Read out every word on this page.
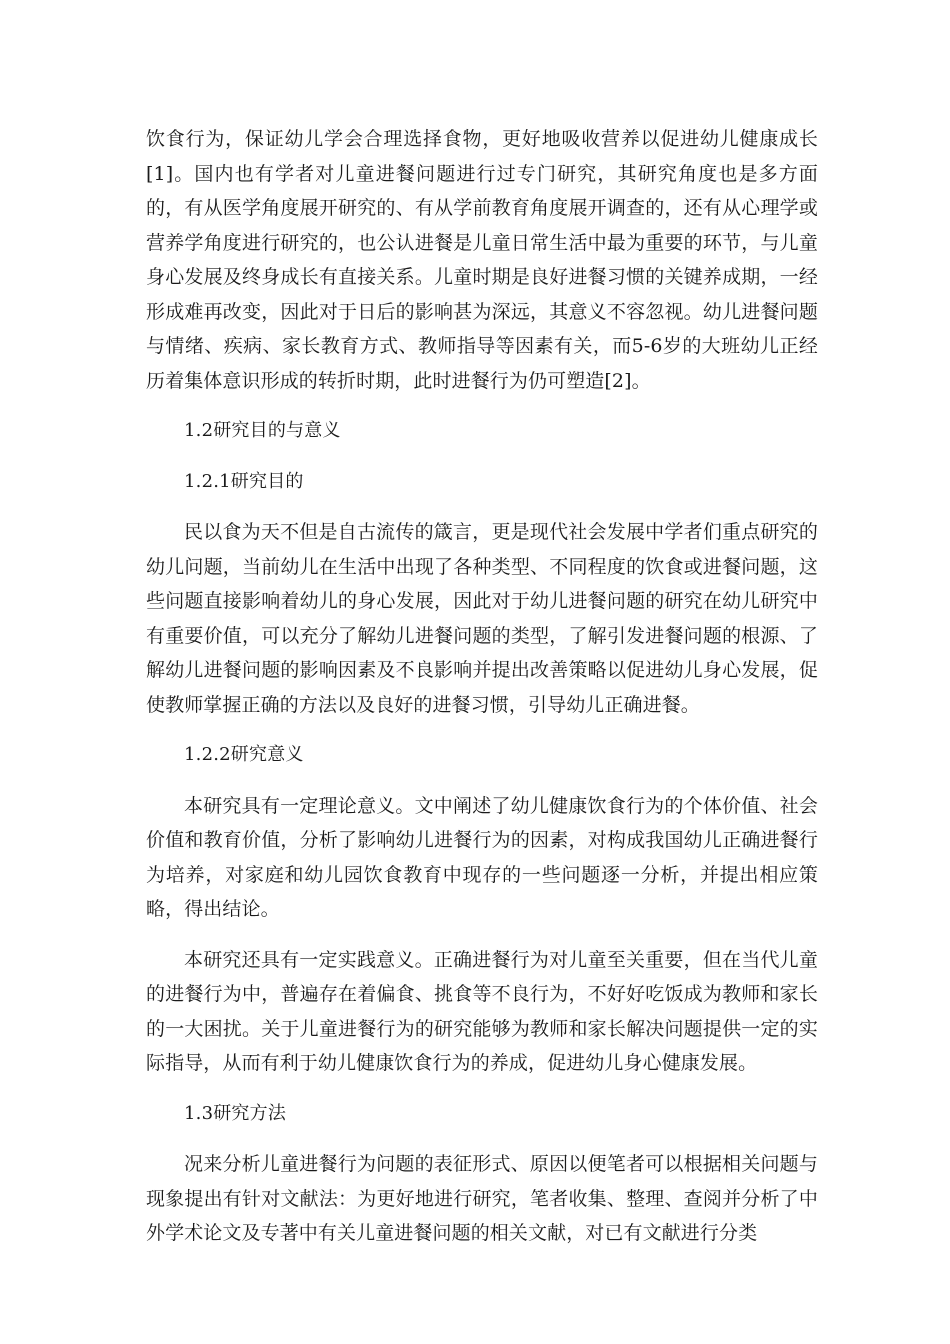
饮食行为，保证幼儿学会合理选择食物，更好地吸收营养以促进幼儿健康成长[1]。国内也有学者对儿童进餐问题进行过专门研究，其研究角度也是多方面的，有从医学角度展开研究的、有从学前教育角度展开调查的，还有从心理学或营养学角度进行研究的，也公认进餐是儿童日常生活中最为重要的环节，与儿童身心发展及终身成长有直接关系。儿童时期是良好进餐习惯的关键养成期，一经形成难再改变，因此对于日后的影响甚为深远，其意义不容忽视。幼儿进餐问题与情绪、疾病、家长教育方式、教师指导等因素有关，而5-6岁的大班幼儿正经历着集体意识形成的转折时期，此时进餐行为仍可塑造[2]。

1.2研究目的与意义
1.2.1研究目的

民以食为天不但是自古流传的箴言，更是现代社会发展中学者们重点研究的幼儿问题，当前幼儿在生活中出现了各种类型、不同程度的饮食或进餐问题，这些问题直接影响着幼儿的身心发展，因此对于幼儿进餐问题的研究在幼儿研究中有重要价值，可以充分了解幼儿进餐问题的类型，了解引发进餐问题的根源、了解幼儿进餐问题的影响因素及不良影响并提出改善策略以促进幼儿身心发展，促使教师掌握正确的方法以及良好的进餐习惯，引导幼儿正确进餐。

1.2.2研究意义

本研究具有一定理论意义。文中阐述了幼儿健康饮食行为的个体价值、社会价值和教育价值，分析了影响幼儿进餐行为的因素，对构成我国幼儿正确进餐行为培养，对家庭和幼儿园饮食教育中现存的一些问题逐一分析，并提出相应策略，得出结论。

本研究还具有一定实践意义。正确进餐行为对儿童至关重要，但在当代儿童的进餐行为中，普遍存在着偏食、挑食等不良行为，不好好吃饭成为教师和家长的一大困扰。关于儿童进餐行为的研究能够为教师和家长解决问题提供一定的实际指导，从而有利于幼儿健康饮食行为的养成，促进幼儿身心健康发展。

1.3研究方法

况来分析儿童进餐行为问题的表征形式、原因以便笔者可以根据相关问题与现象提出有针对文献法：为更好地进行研究，笔者收集、整理、查阅并分析了中外学术论文及专著中有关儿童进餐问题的相关文献，对已有文献进行分类
